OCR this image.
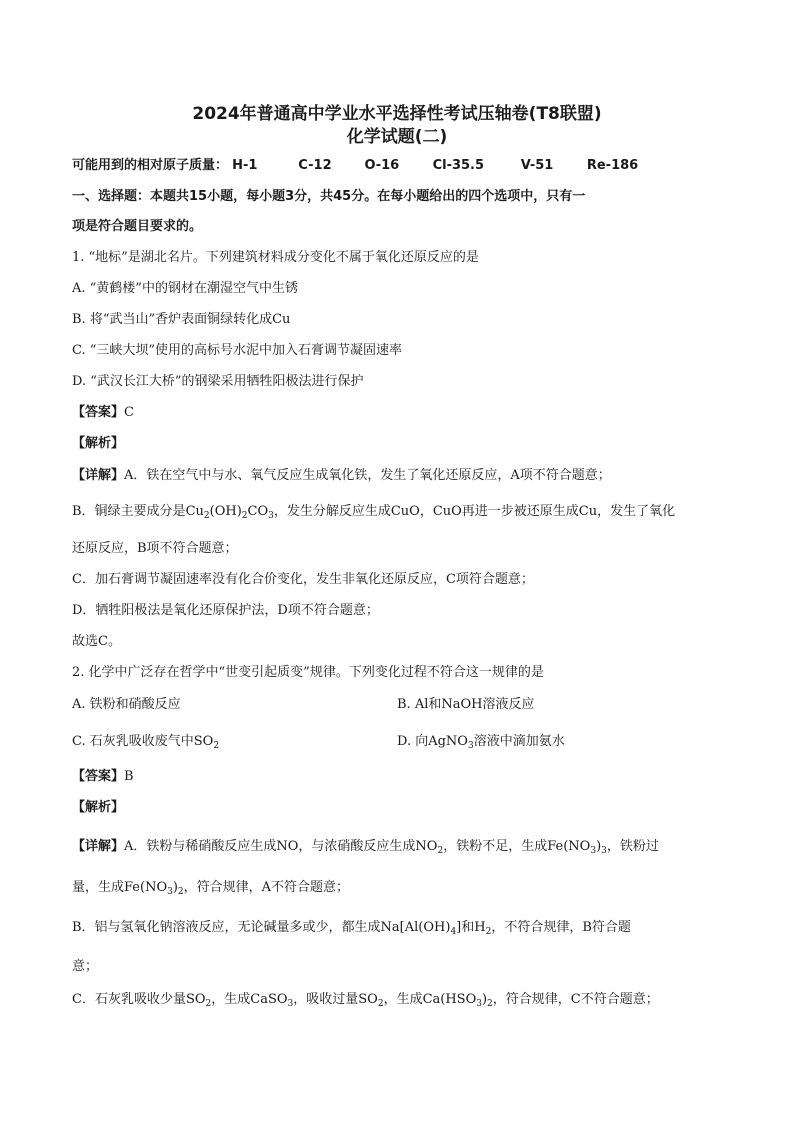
2024年普通高中学业水平选择性考试压轴卷(T8联盟)
化学试题(二)
可能用到的相对原子质量： H-1	C-12	O-16	Cl-35.5	V-51	Re-186
一、选择题：本题共15小题，每小题3分，共45分。在每小题给出的四个选项中，只有一
项是符合题目要求的。
1. “地标”是湖北名片。下列建筑材料成分变化不属于氧化还原反应的是
A. “黄鹤楼”中的钢材在潮湿空气中生锈
B. 将“武当山”香炉表面铜绿转化成Cu
C. “三峡大坝”使用的高标号水泥中加入石膏调节凝固速率
D. “武汉长江大桥”的钢梁采用牺牲阳极法进行保护
【答案】C
【解析】
【详解】A．铁在空气中与水、氧气反应生成氧化铁，发生了氧化还原反应，A项不符合题意；
B．铜绿主要成分是$Cu_2(OH)_2CO_3$，发生分解反应生成CuO，CuO再进一步被还原生成Cu，发生了氧化
还原反应，B项不符合题意；
C．加石膏调节凝固速率没有化合价变化，发生非氧化还原反应，C项符合题意；
D．牺牲阳极法是氧化还原保护法，D项不符合题意；
故选C。
2. 化学中广泛存在哲学中“世变引起质变”规律。下列变化过程不符合这一规律的是
A. 铁粉和硝酸反应	B. Al和NaOH溶液反应
C. 石灰乳吸收废气中$SO_2$	D. 向AgNO$_3$溶液中滴加氨水
【答案】B
【解析】
【详解】A．铁粉与稀硝酸反应生成NO，与浓硝酸反应生成$NO_2$，铁粉不足，生成$Fe(NO_3)_3$，铁粉过
量，生成$Fe(NO_3)_2$，符合规律，A不符合题意；
B．铝与氢氧化钠溶液反应，无论碱量多或少，都生成$Na[Al(OH)_4]$和$H_2$，不符合规律，B符合题
意；
C．石灰乳吸收少量$SO_2$，生成CaSO$_3$，吸收过量$SO_2$，生成$Ca(HSO_3)_2$，符合规律，C不符合题意；
